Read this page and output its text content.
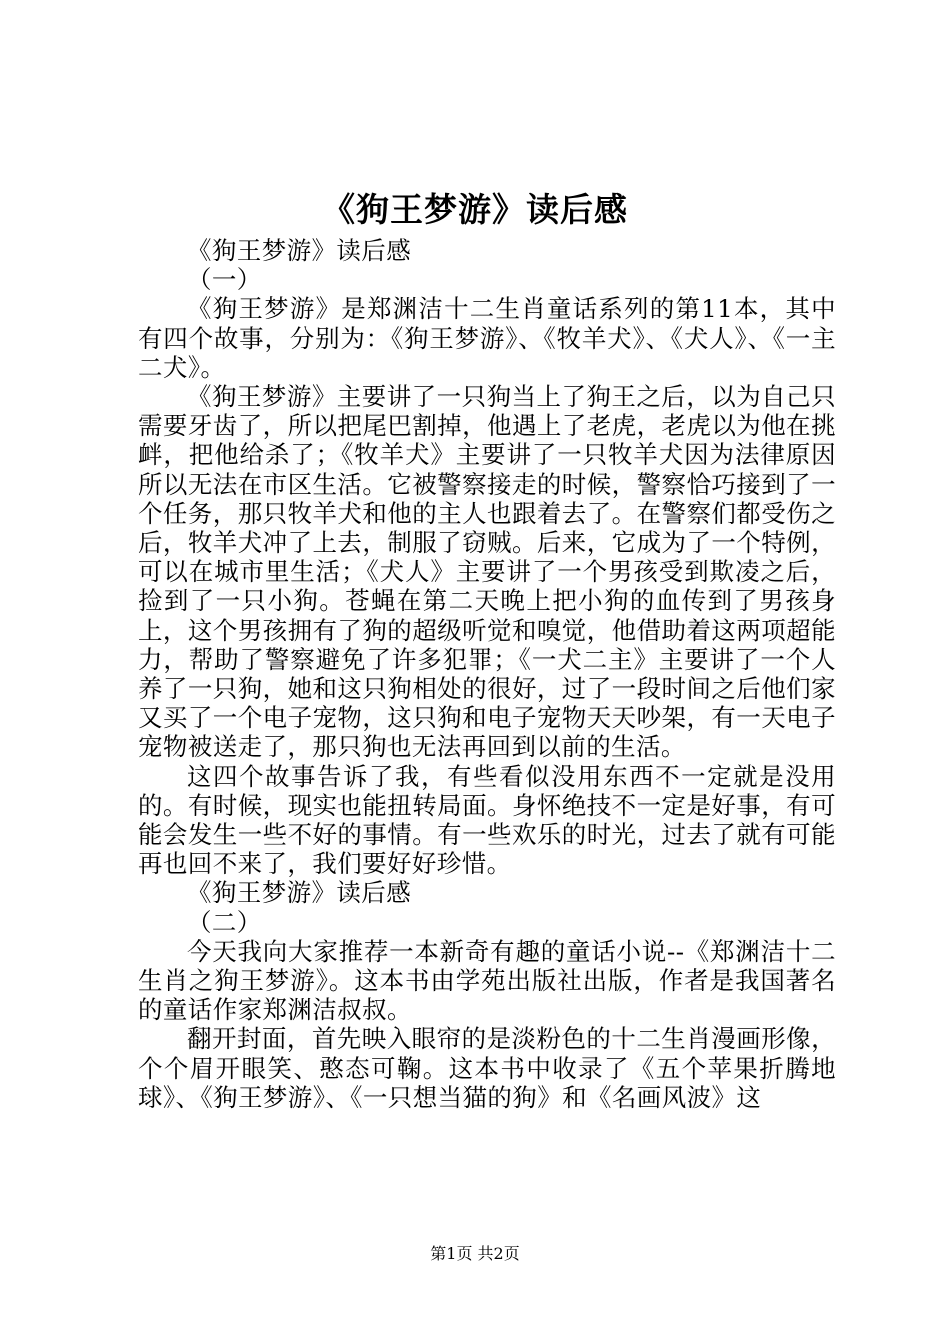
《狗王梦游》读后感

《狗王梦游》读后感

（一）

《狗王梦游》是郑渊洁十二生肖童话系列的第11本，其中有四个故事，分别为：《狗王梦游》、《牧羊犬》、《犬人》、《一主二犬》。

《狗王梦游》主要讲了一只狗当上了狗王之后，以为自己只需要牙齿了，所以把尾巴割掉，他遇上了老虎，老虎以为他在挑衅，把他给杀了；《牧羊犬》主要讲了一只牧羊犬因为法律原因所以无法在市区生活。它被警察接走的时候，警察恰巧接到了一个任务，那只牧羊犬和他的主人也跟着去了。在警察们都受伤之后，牧羊犬冲了上去，制服了窃贼。后来，它成为了一个特例，可以在城市里生活；《犬人》主要讲了一个男孩受到欺凌之后，捡到了一只小狗。苍蝇在第二天晚上把小狗的血传到了男孩身上，这个男孩拥有了狗的超级听觉和嗅觉，他借助着这两项超能力，帮助了警察避免了许多犯罪；《一犬二主》主要讲了一个人养了一只狗，她和这只狗相处的很好，过了一段时间之后他们家又买了一个电子宠物，这只狗和电子宠物天天吵架，有一天电子宠物被送走了，那只狗也无法再回到以前的生活。

这四个故事告诉了我，有些看似没用东西不一定就是没用的。有时候，现实也能扭转局面。身怀绝技不一定是好事，有可能会发生一些不好的事情。有一些欢乐的时光，过去了就有可能再也回不来了，我们要好好珍惜。

《狗王梦游》读后感

（二）

今天我向大家推荐一本新奇有趣的童话小说--《郑渊洁十二生肖之狗王梦游》。这本书由学苑出版社出版，作者是我国著名的童话作家郑渊洁叔叔。

翻开封面，首先映入眼帘的是淡粉色的十二生肖漫画形像，个个眉开眼笑、憨态可鞠。这本书中收录了《五个苹果折腾地球》、《狗王梦游》、《一只想当猫的狗》和《名画风波》这

第1页 共2页
